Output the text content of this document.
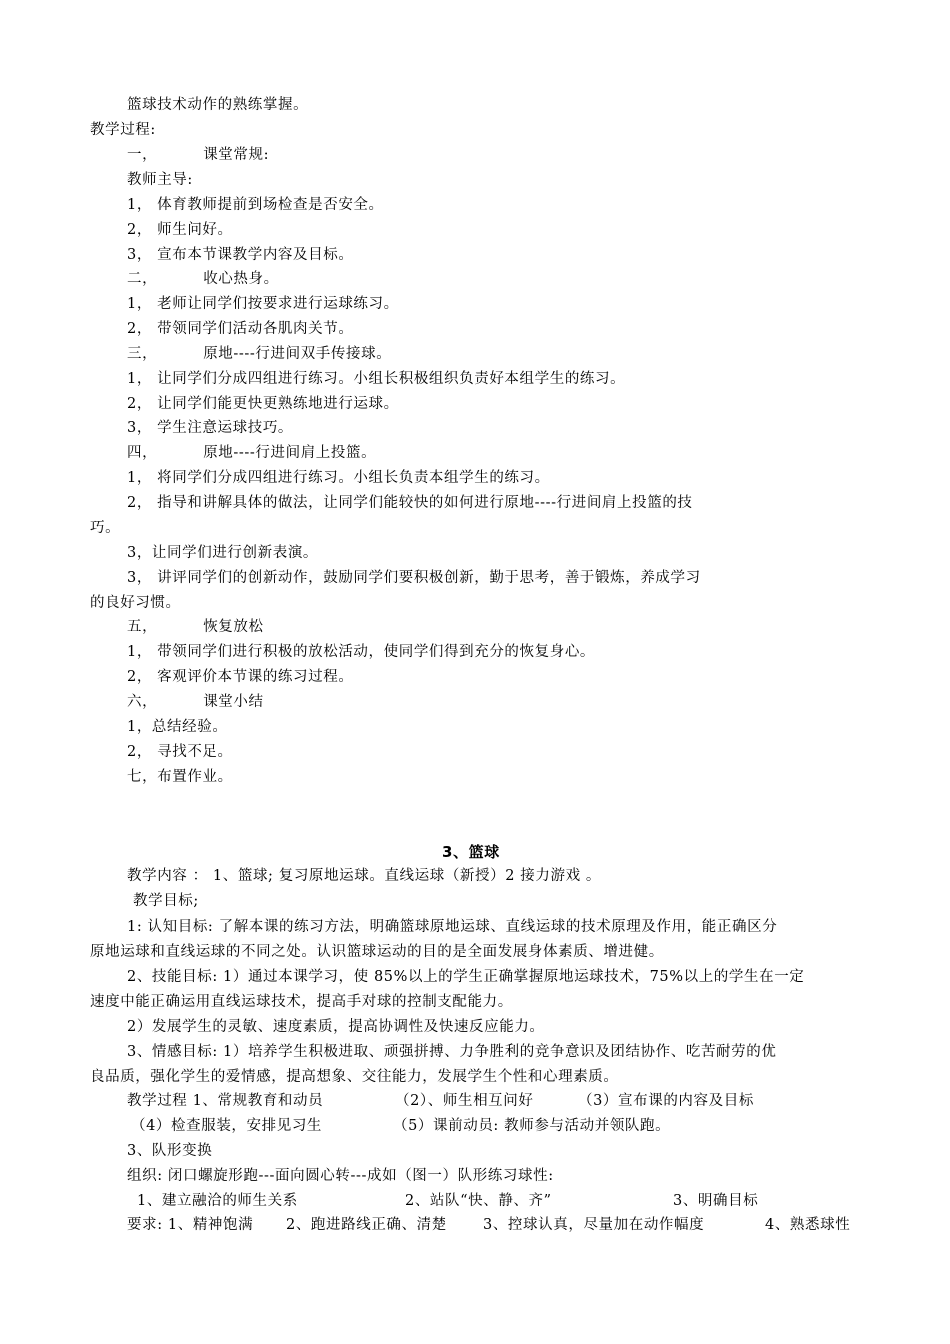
篮球技术动作的熟练掌握。
教学过程:
一，	课堂常规:
教师主导:
1， 体育教师提前到场检查是否安全。
2， 师生问好。
3， 宣布本节课教学内容及目标。
二，	收心热身。
1， 老师让同学们按要求进行运球练习。
2， 带领同学们活动各肌肉关节。
三，	原地----行进间双手传接球。
1， 让同学们分成四组进行练习。小组长积极组织负责好本组学生的练习。
2， 让同学们能更快更熟练地进行运球。
3， 学生注意运球技巧。
四，	原地----行进间肩上投篮。
1， 将同学们分成四组进行练习。小组长负责本组学生的练习。
2， 指导和讲解具体的做法，让同学们能较快的如何进行原地----行进间肩上投篮的技
巧。
3，让同学们进行创新表演。
3， 讲评同学们的创新动作，鼓励同学们要积极创新，勤于思考，善于锻炼，养成学习
的良好习惯。
五，	恢复放松
1， 带领同学们进行积极的放松活动，使同学们得到充分的恢复身心。
2， 客观评价本节课的练习过程。
六，	课堂小结
1，总结经验。
2， 寻找不足。
七，布置作业。
3、篮球
教学内容 ： 1、篮球; 复习原地运球。直线运球（新授）2 接力游戏 。
教学目标;
1: 认知目标: 了解本课的练习方法，明确篮球原地运球、直线运球的技术原理及作用，能正确区分
原地运球和直线运球的不同之处。认识篮球运动的目的是全面发展身体素质、增进健。
2、技能目标: 1）通过本课学习，使 85%以上的学生正确掌握原地运球技术，75%以上的学生在一定
速度中能正确运用直线运球技术，提高手对球的控制支配能力。
2）发展学生的灵敏、速度素质，提高协调性及快速反应能力。
3、情感目标: 1）培养学生积极进取、顽强拼搏、力争胜利的竞争意识及团结协作、吃苦耐劳的优
良品质，强化学生的爱情感，提高想象、交往能力，发展学生个性和心理素质。
教学过程 1、常规教育和动员	（2）、师生相互问好	（3）宣布课的内容及目标
（4）检查服装，安排见习生	（5）课前动员: 教师参与活动并领队跑。
3、队形变换
组织: 闭口螺旋形跑---面向圆心转---成如（图一）队形练习球性:
1、建立融洽的师生关系	2、站队“快、静、齐”	3、明确目标
要求: 1、精神饱满 2、跑进路线正确、清楚 3、控球认真，尽量加在动作幅度	4、熟悉球性
